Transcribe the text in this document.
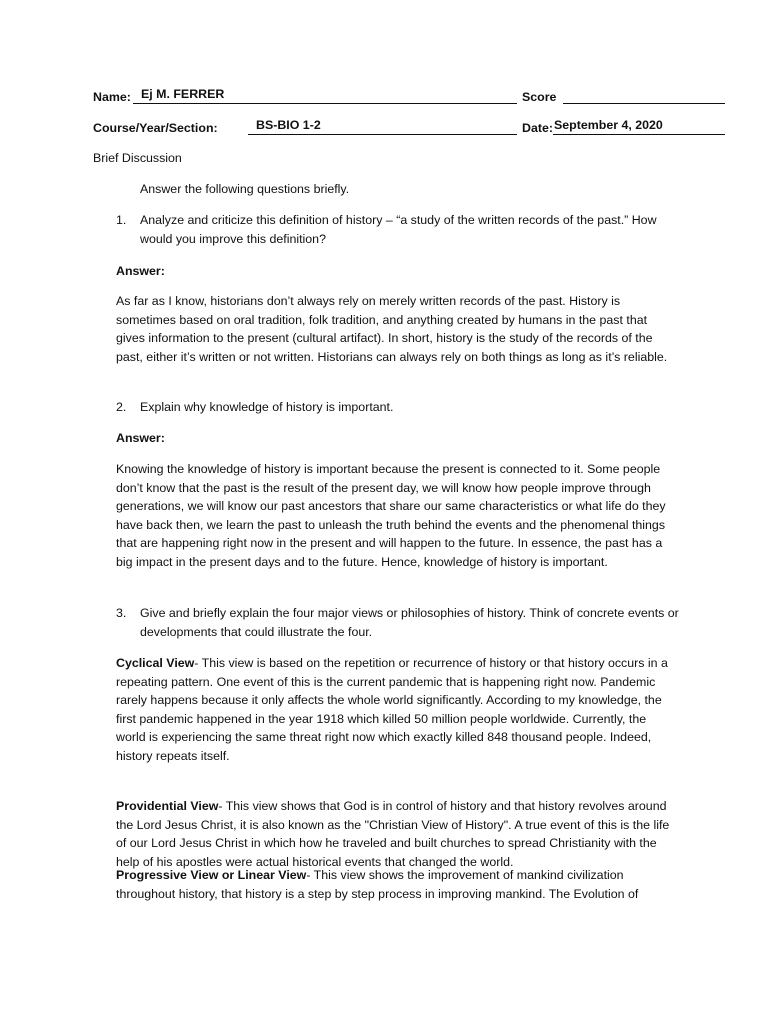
Name: Ej M. FERRER	Score
Course/Year/Section:	BS-BIO 1-2	Date: September 4, 2020
Brief Discussion
Answer the following questions briefly.
1. Analyze and criticize this definition of history – “a study of the written records of the past.” How would you improve this definition?
Answer:
As far as I know, historians don’t always rely on merely written records of the past. History is sometimes based on oral tradition, folk tradition, and anything created by humans in the past that gives information to the present (cultural artifact). In short, history is the study of the records of the past, either it’s written or not written. Historians can always rely on both things as long as it’s reliable.
2. Explain why knowledge of history is important.
Answer:
Knowing the knowledge of history is important because the present is connected to it. Some people don’t know that the past is the result of the present day, we will know how people improve through generations, we will know our past ancestors that share our same characteristics or what life do they have back then, we learn the past to unleash the truth behind the events and the phenomenal things that are happening right now in the present and will happen to the future. In essence, the past has a big impact in the present days and to the future. Hence, knowledge of history is important.
3. Give and briefly explain the four major views or philosophies of history. Think of concrete events or developments that could illustrate the four.

Cyclical View- This view is based on the repetition or recurrence of history or that history occurs in a repeating pattern. One event of this is the current pandemic that is happening right now. Pandemic rarely happens because it only affects the whole world significantly. According to my knowledge, the first pandemic happened in the year 1918 which killed 50 million people worldwide. Currently, the world is experiencing the same threat right now which exactly killed 848 thousand people. Indeed, history repeats itself.

Providential View- This view shows that God is in control of history and that history revolves around the Lord Jesus Christ, it is also known as the "Christian View of History". A true event of this is the life of our Lord Jesus Christ in which how he traveled and built churches to spread Christianity with the help of his apostles were actual historical events that changed the world.

Progressive View or Linear View- This view shows the improvement of mankind civilization throughout history, that history is a step by step process in improving mankind. The Evolution of
